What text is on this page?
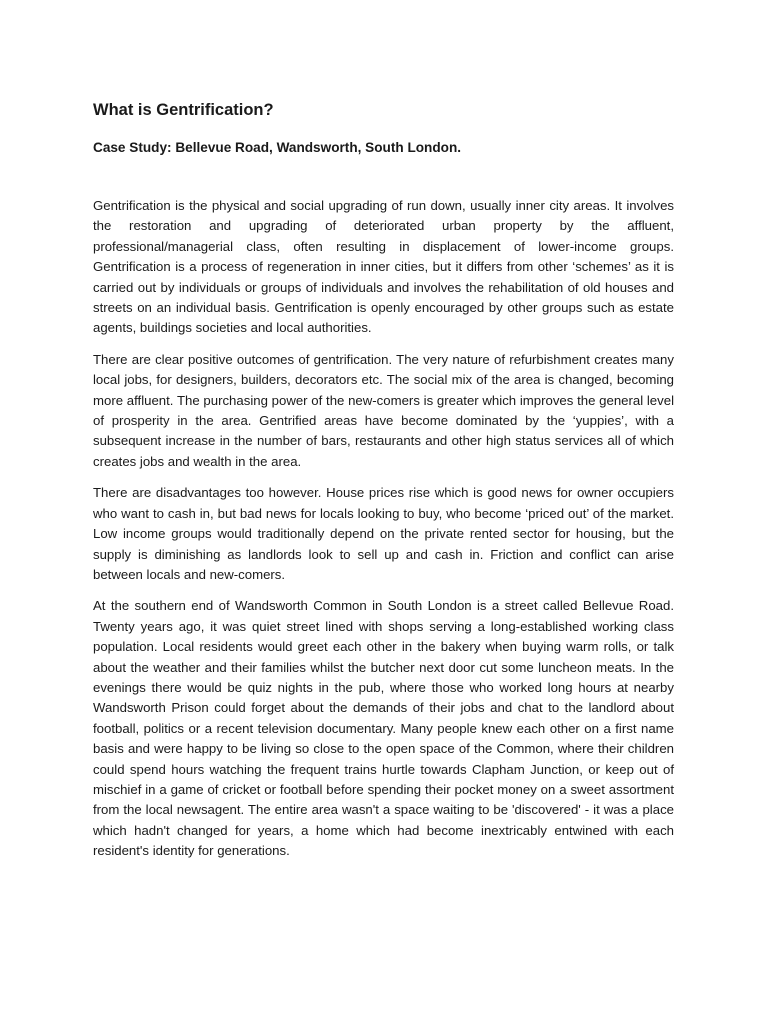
What is Gentrification?
Case Study: Bellevue Road, Wandsworth, South London.

Gentrification is the physical and social upgrading of run down, usually inner city areas. It involves the restoration and upgrading of deteriorated urban property by the affluent, professional/managerial class, often resulting in displacement of lower-income groups. Gentrification is a process of regeneration in inner cities, but it differs from other ‘schemes’ as it is carried out by individuals or groups of individuals and involves the rehabilitation of old houses and streets on an individual basis. Gentrification is openly encouraged by other groups such as estate agents, buildings societies and local authorities.

There are clear positive outcomes of gentrification. The very nature of refurbishment creates many local jobs, for designers, builders, decorators etc. The social mix of the area is changed, becoming more affluent. The purchasing power of the new-comers is greater which improves the general level of prosperity in the area. Gentrified areas have become dominated by the ‘yuppies’, with a subsequent increase in the number of bars, restaurants and other high status services all of which creates jobs and wealth in the area.

There are disadvantages too however. House prices rise which is good news for owner occupiers who want to cash in, but bad news for locals looking to buy, who become ‘priced out’ of the market. Low income groups would traditionally depend on the private rented sector for housing, but the supply is diminishing as landlords look to sell up and cash in. Friction and conflict can arise between locals and new-comers.

At the southern end of Wandsworth Common in South London is a street called Bellevue Road. Twenty years ago, it was quiet street lined with shops serving a long-established working class population. Local residents would greet each other in the bakery when buying warm rolls, or talk about the weather and their families whilst the butcher next door cut some luncheon meats. In the evenings there would be quiz nights in the pub, where those who worked long hours at nearby Wandsworth Prison could forget about the demands of their jobs and chat to the landlord about football, politics or a recent television documentary. Many people knew each other on a first name basis and were happy to be living so close to the open space of the Common, where their children could spend hours watching the frequent trains hurtle towards Clapham Junction, or keep out of mischief in a game of cricket or football before spending their pocket money on a sweet assortment from the local newsagent. The entire area wasn't a space waiting to be 'discovered' - it was a place which hadn't changed for years, a home which had become inextricably entwined with each resident's identity for generations.
